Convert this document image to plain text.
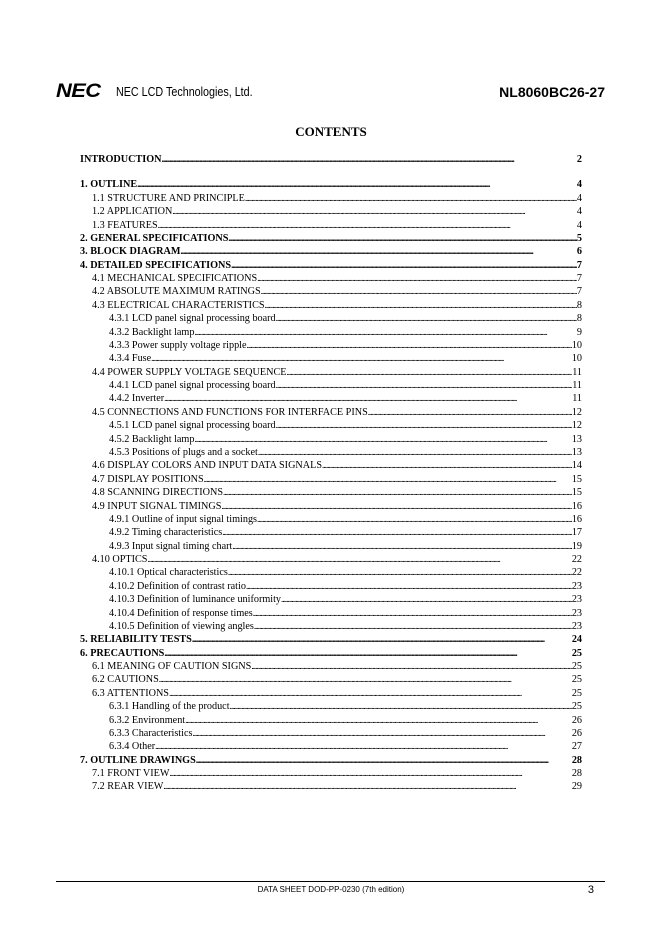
NEC NEC LCD Technologies, Ltd.	NL8060BC26-27
CONTENTS
INTRODUCTION . . .	2
1. OUTLINE . . .	4
1.1 STRUCTURE AND PRINCIPLE . . .	4
1.2 APPLICATION . . .	4
1.3 FEATURES . . .	4
2. GENERAL SPECIFICATIONS . . .	5
3. BLOCK DIAGRAM . . .	6
4. DETAILED SPECIFICATIONS . . .	7
4.1 MECHANICAL SPECIFICATIONS . . .	7
4.2 ABSOLUTE MAXIMUM RATINGS . . .	7
4.3 ELECTRICAL CHARACTERISTICS . . .	8
4.3.1 LCD panel signal processing board . . .	8
4.3.2 Backlight lamp . . .	9
4.3.3 Power supply voltage ripple . . .	10
4.3.4 Fuse . . .	10
4.4 POWER SUPPLY VOLTAGE SEQUENCE . . .	11
4.4.1 LCD panel signal processing board . . .	11
4.4.2 Inverter . . .	11
4.5 CONNECTIONS AND FUNCTIONS FOR INTERFACE PINS . . .	12
4.5.1 LCD panel signal processing board . . .	12
4.5.2 Backlight lamp . . .	13
4.5.3 Positions of plugs and a socket . . .	13
4.6 DISPLAY COLORS AND INPUT DATA SIGNALS . . .	14
4.7 DISPLAY POSITIONS . . .	15
4.8 SCANNING DIRECTIONS . . .	15
4.9 INPUT SIGNAL TIMINGS . . .	16
4.9.1 Outline of input signal timings . . .	16
4.9.2 Timing characteristics . . .	17
4.9.3 Input signal timing chart . . .	19
4.10 OPTICS . . .	22
4.10.1 Optical characteristics . . .	22
4.10.2 Definition of contrast ratio . . .	23
4.10.3 Definition of luminance uniformity . . .	23
4.10.4 Definition of response times . . .	23
4.10.5 Definition of viewing angles . . .	23
5. RELIABILITY TESTS . . .	24
6. PRECAUTIONS . . .	25
6.1 MEANING OF CAUTION SIGNS . . .	25
6.2 CAUTIONS . . .	25
6.3 ATTENTIONS . . .	25
6.3.1 Handling of the product . . .	25
6.3.2 Environment . . .	26
6.3.3 Characteristics . . .	26
6.3.4 Other . . .	27
7. OUTLINE DRAWINGS . . .	28
7.1 FRONT VIEW . . .	28
7.2 REAR VIEW . . .	29
DATA SHEET DOD-PP-0230 (7th edition)	3
